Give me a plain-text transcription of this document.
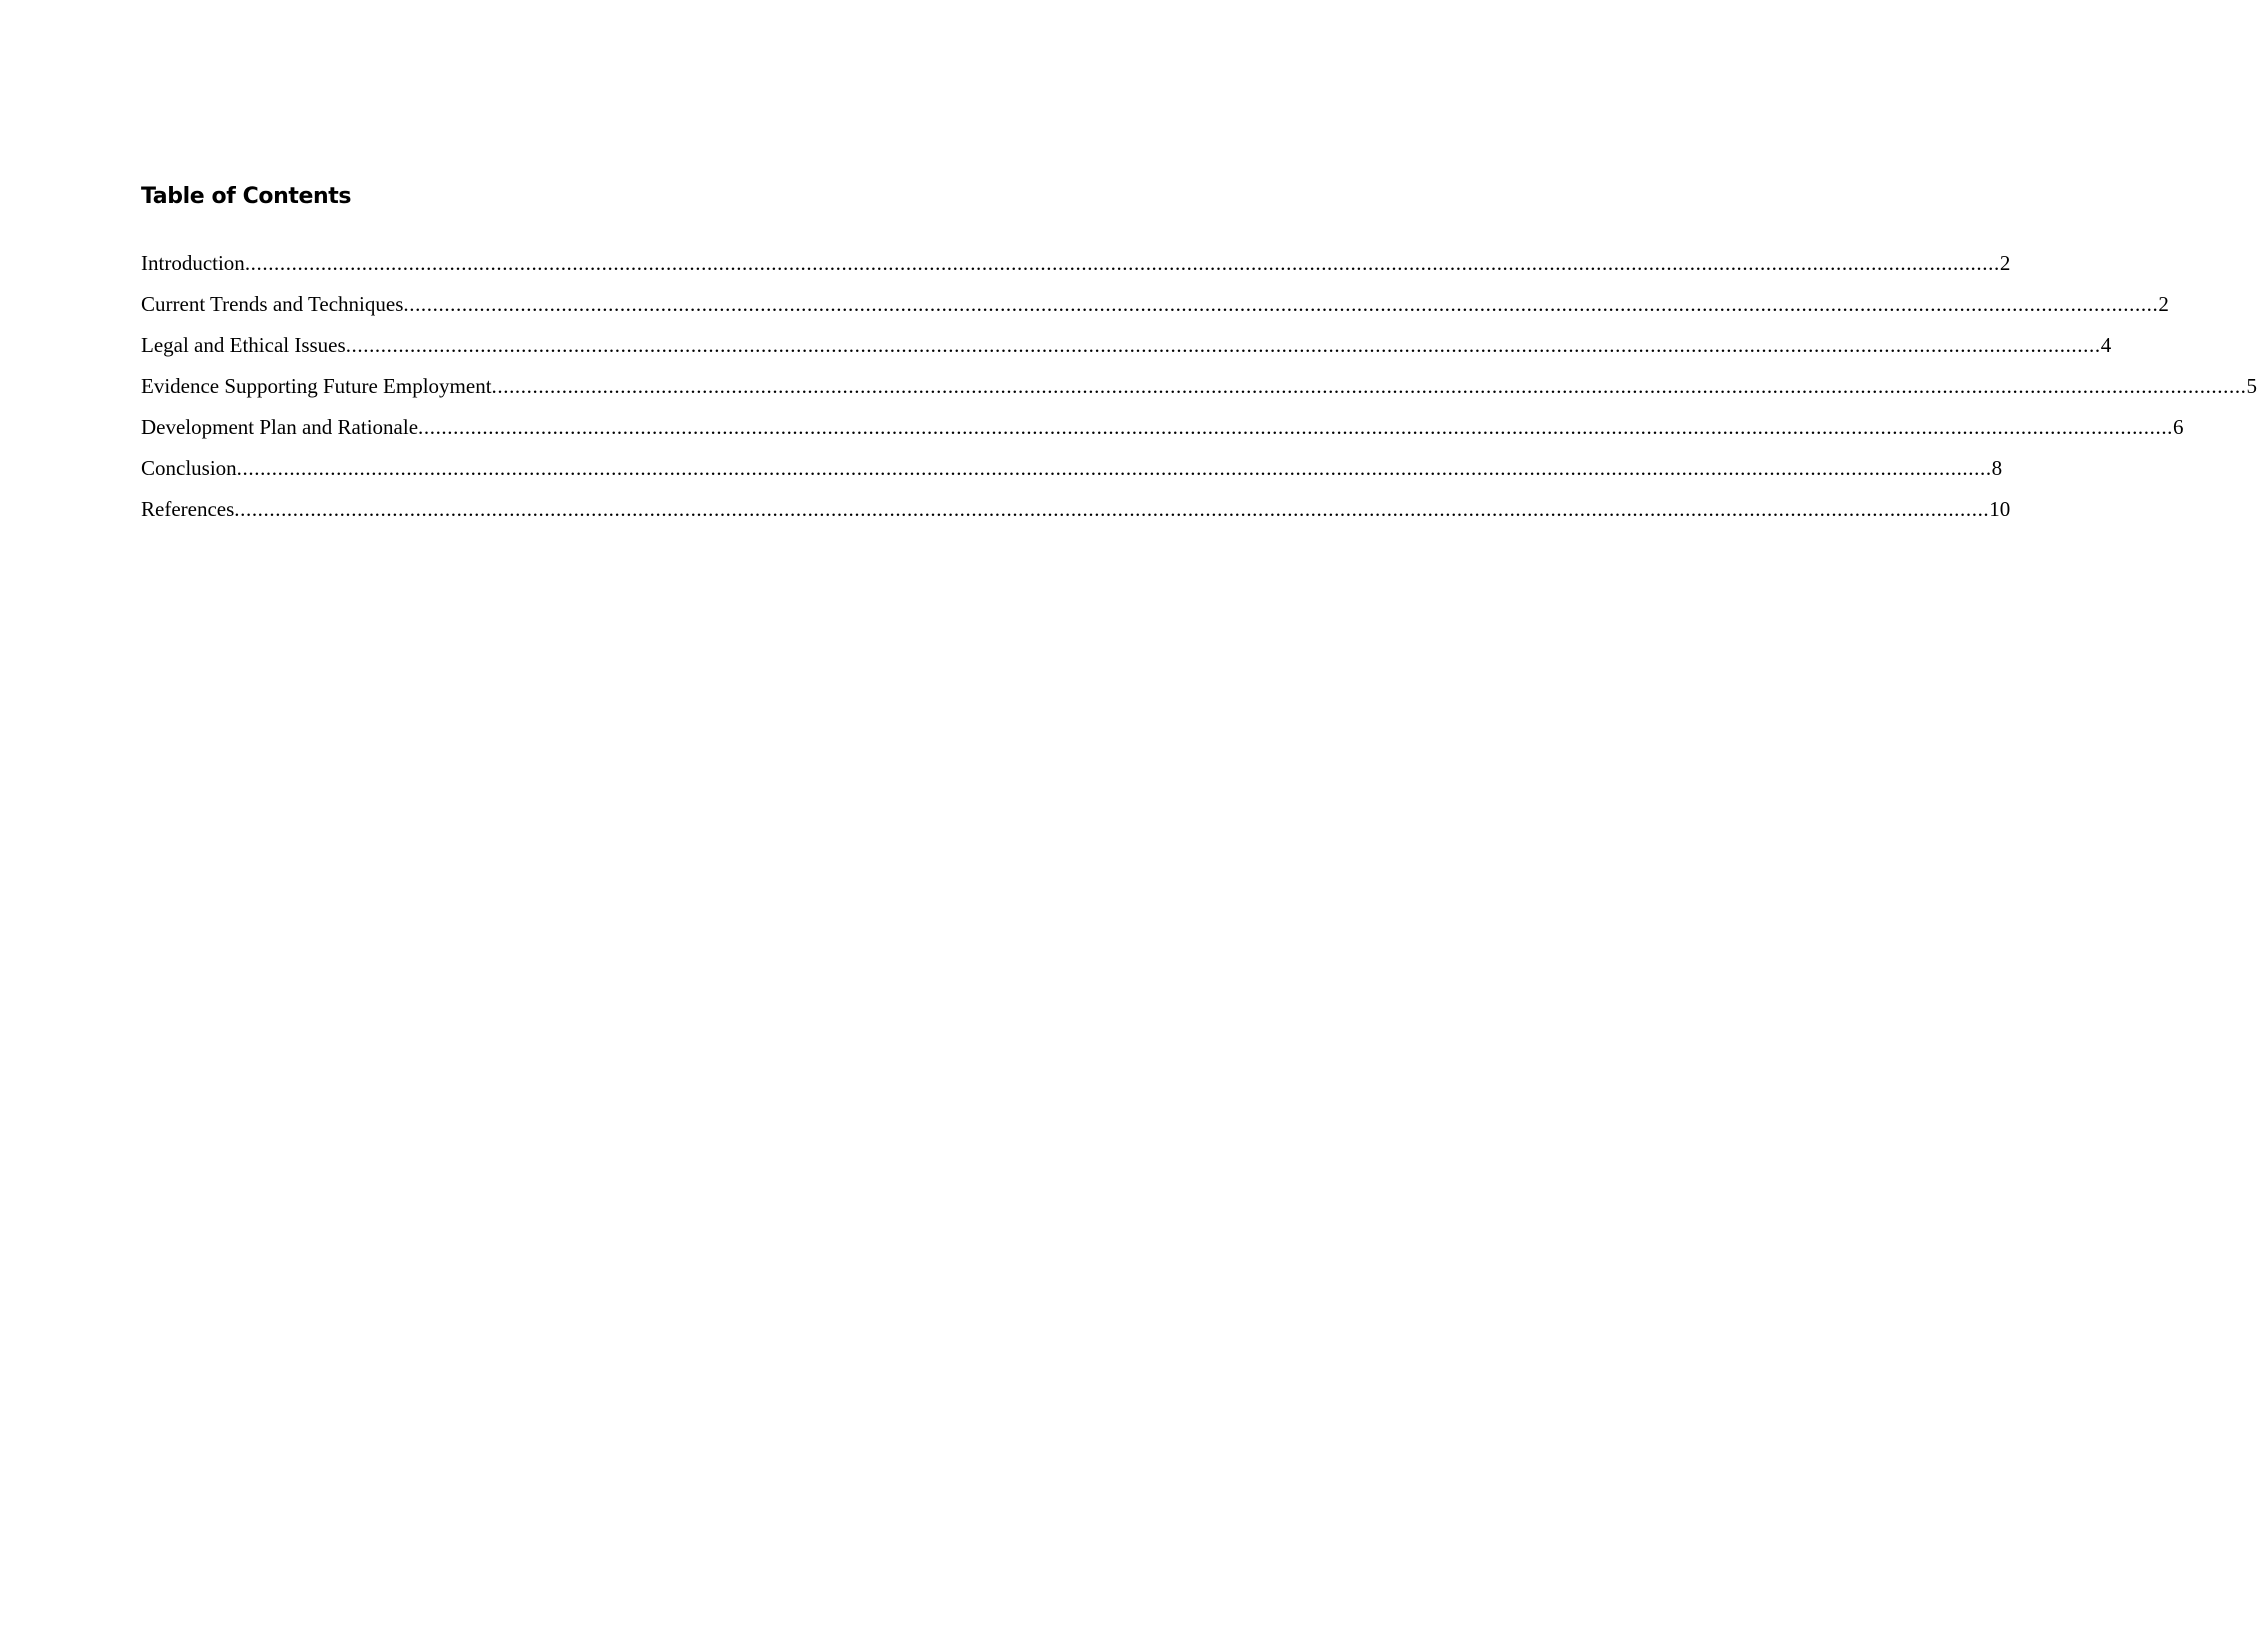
Table of Contents
Introduction ............................................................................................................................................................................................................................................................................................................ 2
Current Trends and Techniques ............................................................................................................................................................................................................................................................................................................ 2
Legal and Ethical Issues ............................................................................................................................................................................................................................................................................................................ 4
Evidence Supporting Future Employment ............................................................................................................................................................................................................................................................................................................ 5
Development Plan and Rationale ............................................................................................................................................................................................................................................................................................................ 6
Conclusion ............................................................................................................................................................................................................................................................................................................ 8
References ............................................................................................................................................................................................................................................................................................................ 10
